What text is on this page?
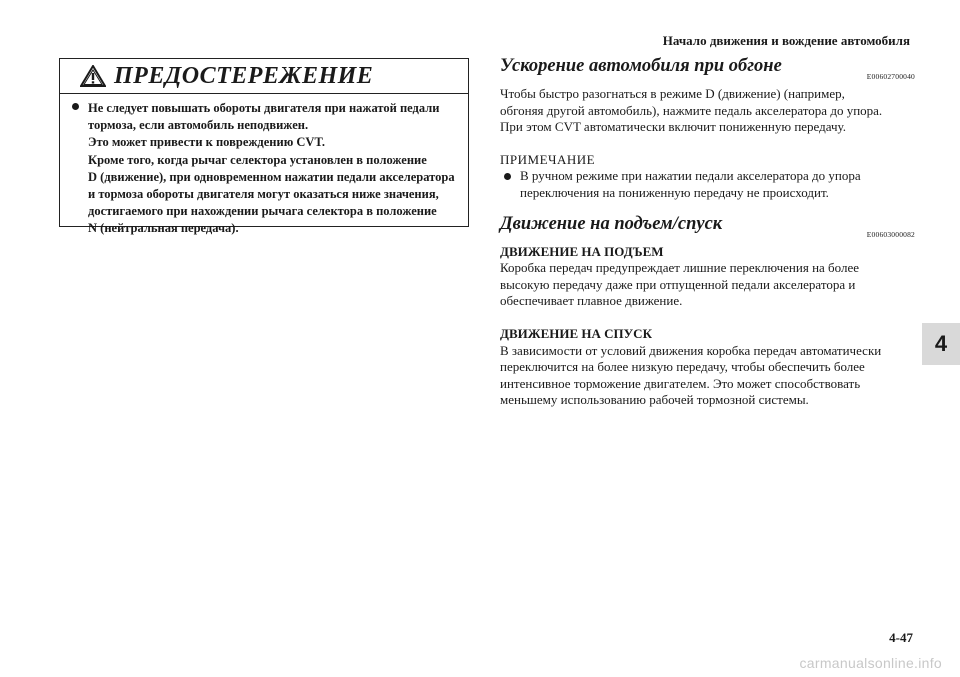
Начало движения и вождение автомобиля
4
ПРЕДОСТЕРЕЖЕНИЕ
Не следует повышать обороты двигателя при нажатой педали
тормоза, если автомобиль неподвижен.
Это может привести к повреждению CVT.
Кроме того, когда рычаг селектора установлен в положение
D (движение), при одновременном нажатии педали акселератора
и тормоза обороты двигателя могут оказаться ниже значения,
достигаемого при нахождении рычага селектора в положение
N (нейтральная передача).
Ускорение автомобиля при обгоне
E00602700040

Чтобы быстро разогнаться в режиме D (движение) (например,

обгоняя другой автомобиль), нажмите педаль акселератора до упора.

При этом CVT автоматически включит пониженную передачу.

ПРИМЕЧАНИЕ
В ручном режиме при нажатии педали акселератора до упора
переключения на пониженную передачу не происходит.
Движение на подъем/спуск
E00603000082
ДВИЖЕНИЕ НА ПОДЪЕМ

Коробка передач предупреждает лишние переключения на более

высокую передачу даже при отпущенной педали акселератора и

обеспечивает плавное движение.

ДВИЖЕНИЕ НА СПУСК

В зависимости от условий движения коробка передач автоматически

переключится на более низкую передачу, чтобы обеспечить более

интенсивное торможение двигателем. Это может способствовать

меньшему использованию рабочей тормозной системы.

4-47
carmanualsonline.info
